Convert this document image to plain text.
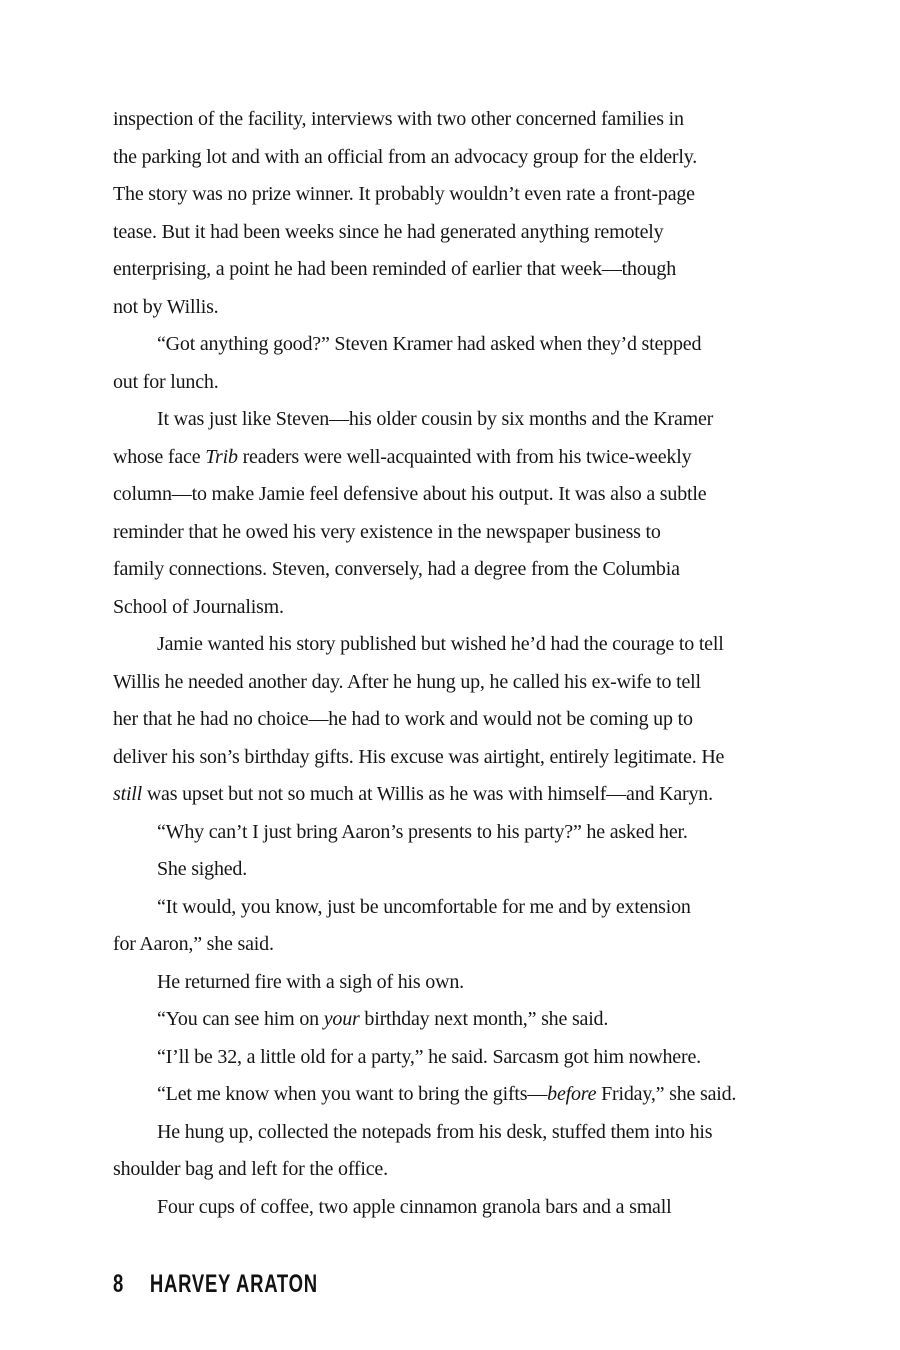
inspection of the facility, interviews with two other concerned families in
the parking lot and with an official from an advocacy group for the elderly.
The story was no prize winner. It probably wouldn’t even rate a front-page
tease. But it had been weeks since he had generated anything remotely
enterprising, a point he had been reminded of earlier that week—though
not by Willis.
“Got anything good?” Steven Kramer had asked when they’d stepped
out for lunch.
It was just like Steven—his older cousin by six months and the Kramer
whose face Trib readers were well-acquainted with from his twice-weekly
column—to make Jamie feel defensive about his output. It was also a subtle
reminder that he owed his very existence in the newspaper business to
family connections. Steven, conversely, had a degree from the Columbia
School of Journalism.
Jamie wanted his story published but wished he’d had the courage to tell
Willis he needed another day. After he hung up, he called his ex-wife to tell
her that he had no choice—he had to work and would not be coming up to
deliver his son’s birthday gifts. His excuse was airtight, entirely legitimate. He
still was upset but not so much at Willis as he was with himself—and Karyn.
“Why can’t I just bring Aaron’s presents to his party?” he asked her.
She sighed.
“It would, you know, just be uncomfortable for me and by extension
for Aaron,” she said.
He returned fire with a sigh of his own.
“You can see him on your birthday next month,” she said.
“I’ll be 32, a little old for a party,” he said. Sarcasm got him nowhere.
“Let me know when you want to bring the gifts—before Friday,” she said.
He hung up, collected the notepads from his desk, stuffed them into his
shoulder bag and left for the office.
Four cups of coffee, two apple cinnamon granola bars and a small
8 HARVEY ARATON
